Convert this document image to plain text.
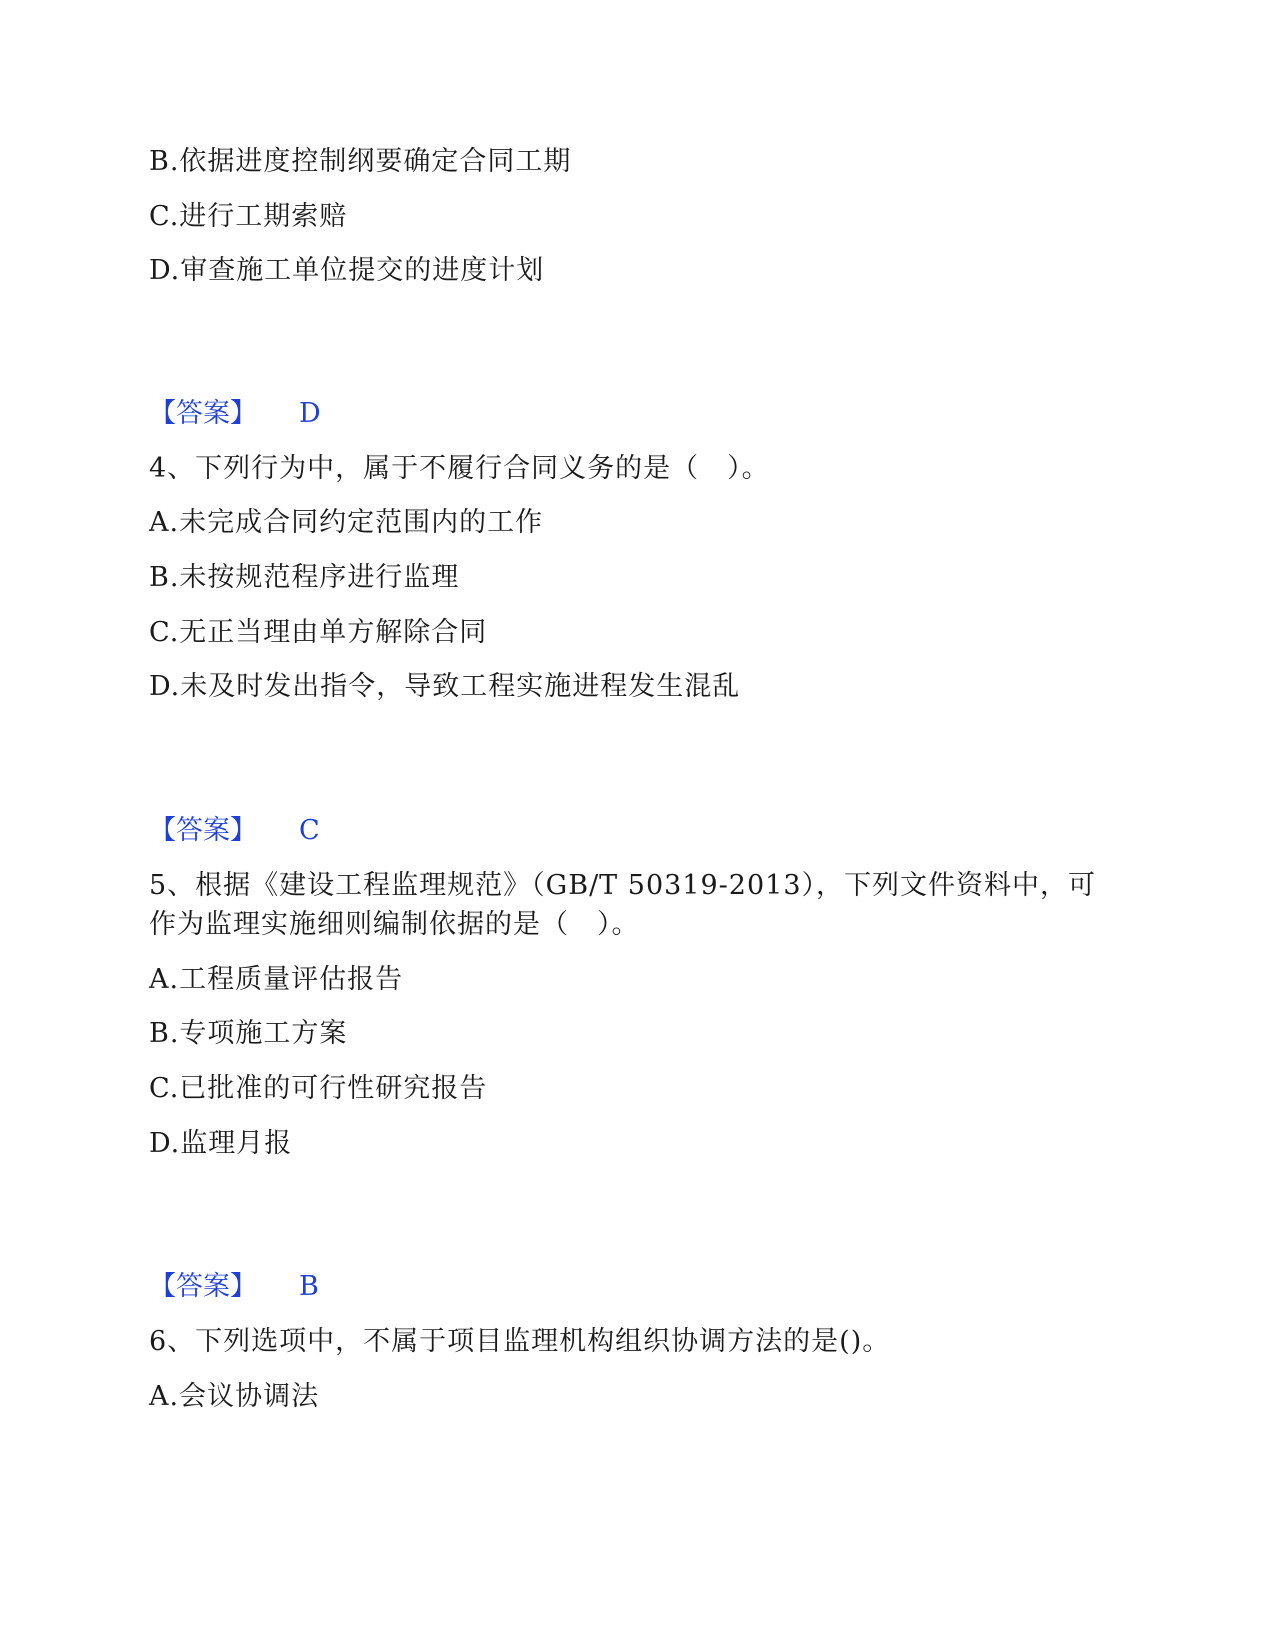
B.依据进度控制纲要确定合同工期
C.进行工期索赔
D.审查施工单位提交的进度计划
【答案】 D
4、下列行为中，属于不履行合同义务的是（　）。
A.未完成合同约定范围内的工作
B.未按规范程序进行监理
C.无正当理由单方解除合同
D.未及时发出指令，导致工程实施进程发生混乱
【答案】 C
5、根据《建设工程监理规范》（GB/T 50319-2013），下列文件资料中，可
作为监理实施细则编制依据的是（　）。
A.工程质量评估报告
B.专项施工方案
C.已批准的可行性研究报告
D.监理月报
【答案】 B
6、下列选项中，不属于项目监理机构组织协调方法的是()。
A.会议协调法
